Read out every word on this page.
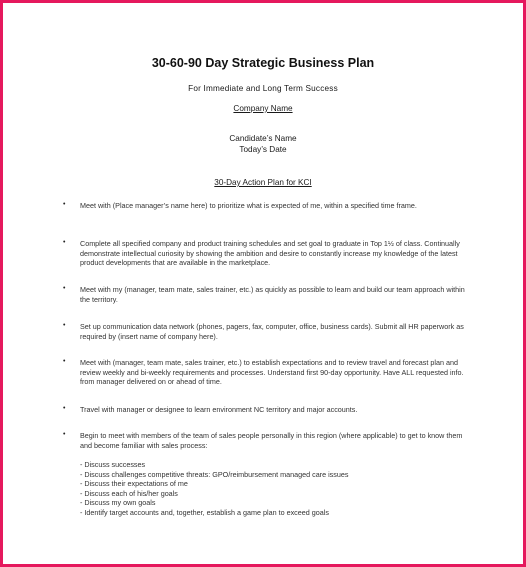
30-60-90 Day Strategic Business Plan
For Immediate and Long Term Success
Company Name
Candidate’s Name
Today’s Date
30-Day Action Plan for KCI
• Meet with (Place manager’s name here) to prioritize what is expected of me, within a specified time frame.
• Complete all specified company and product training schedules and set goal to graduate in Top 1½ of class. Continually demonstrate intellectual curiosity by showing the ambition and desire to constantly increase my knowledge of the latest product developments that are available in the marketplace.
• Meet with my (manager, team mate, sales trainer, etc.) as quickly as possible to learn and build our team approach within the territory.
• Set up communication data network (phones, pagers, fax, computer, office, business cards). Submit all HR paperwork as required by (insert name of company here).
• Meet with (manager, team mate, sales trainer, etc.) to establish expectations and to review travel and forecast plan and review weekly and bi-weekly requirements and processes. Understand first 90-day opportunity. Have ALL requested info. from manager delivered on or ahead of time.
• Travel with manager or designee to learn environment NC territory and major accounts.
• Begin to meet with members of the team of sales people personally in this region (where applicable) to get to know them and become familiar with sales process:
- Discuss successes
- Discuss challenges competitive threats: GPO/reimbursement managed care issues
- Discuss their expectations of me
- Discuss each of his/her goals
- Discuss my own goals
- Identify target accounts and, together, establish a game plan to exceed goals
